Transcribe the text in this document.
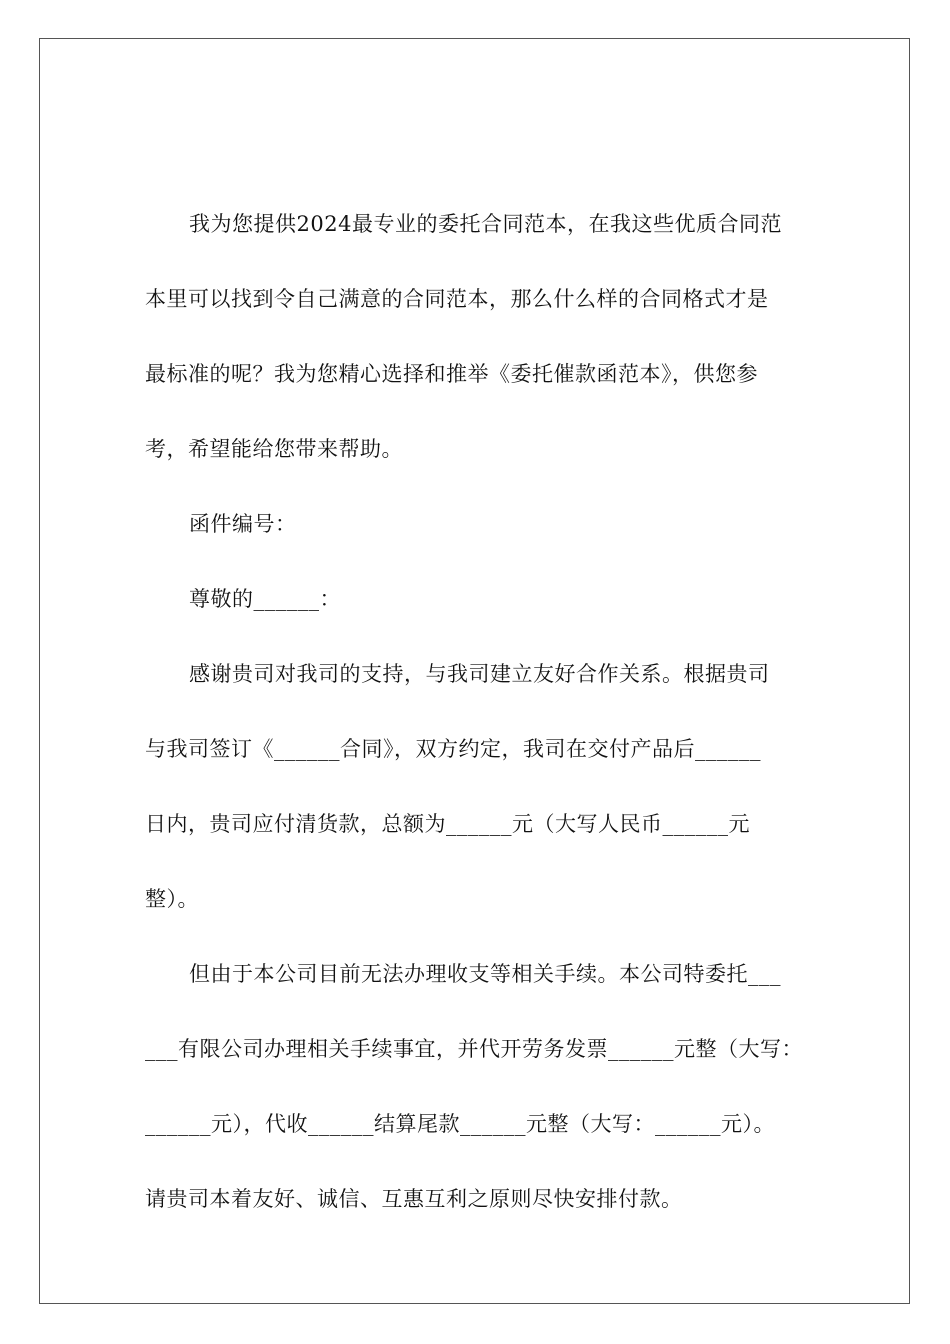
我为您提供2024最专业的委托合同范本，在我这些优质合同范
本里可以找到令自己满意的合同范本，那么什么样的合同格式才是
最标准的呢？我为您精心选择和推举《委托催款函范本》，供您参
考，希望能给您带来帮助。
函件编号：
尊敬的______：
感谢贵司对我司的支持，与我司建立友好合作关系。根据贵司
与我司签订《______合同》，双方约定，我司在交付产品后______
日内，贵司应付清货款，总额为______元（大写人民币______元
整）。
但由于本公司目前无法办理收支等相关手续。本公司特委托___
___有限公司办理相关手续事宜，并代开劳务发票______元整（大写：
______元），代收______结算尾款______元整（大写：______元）。
请贵司本着友好、诚信、互惠互利之原则尽快安排付款。
